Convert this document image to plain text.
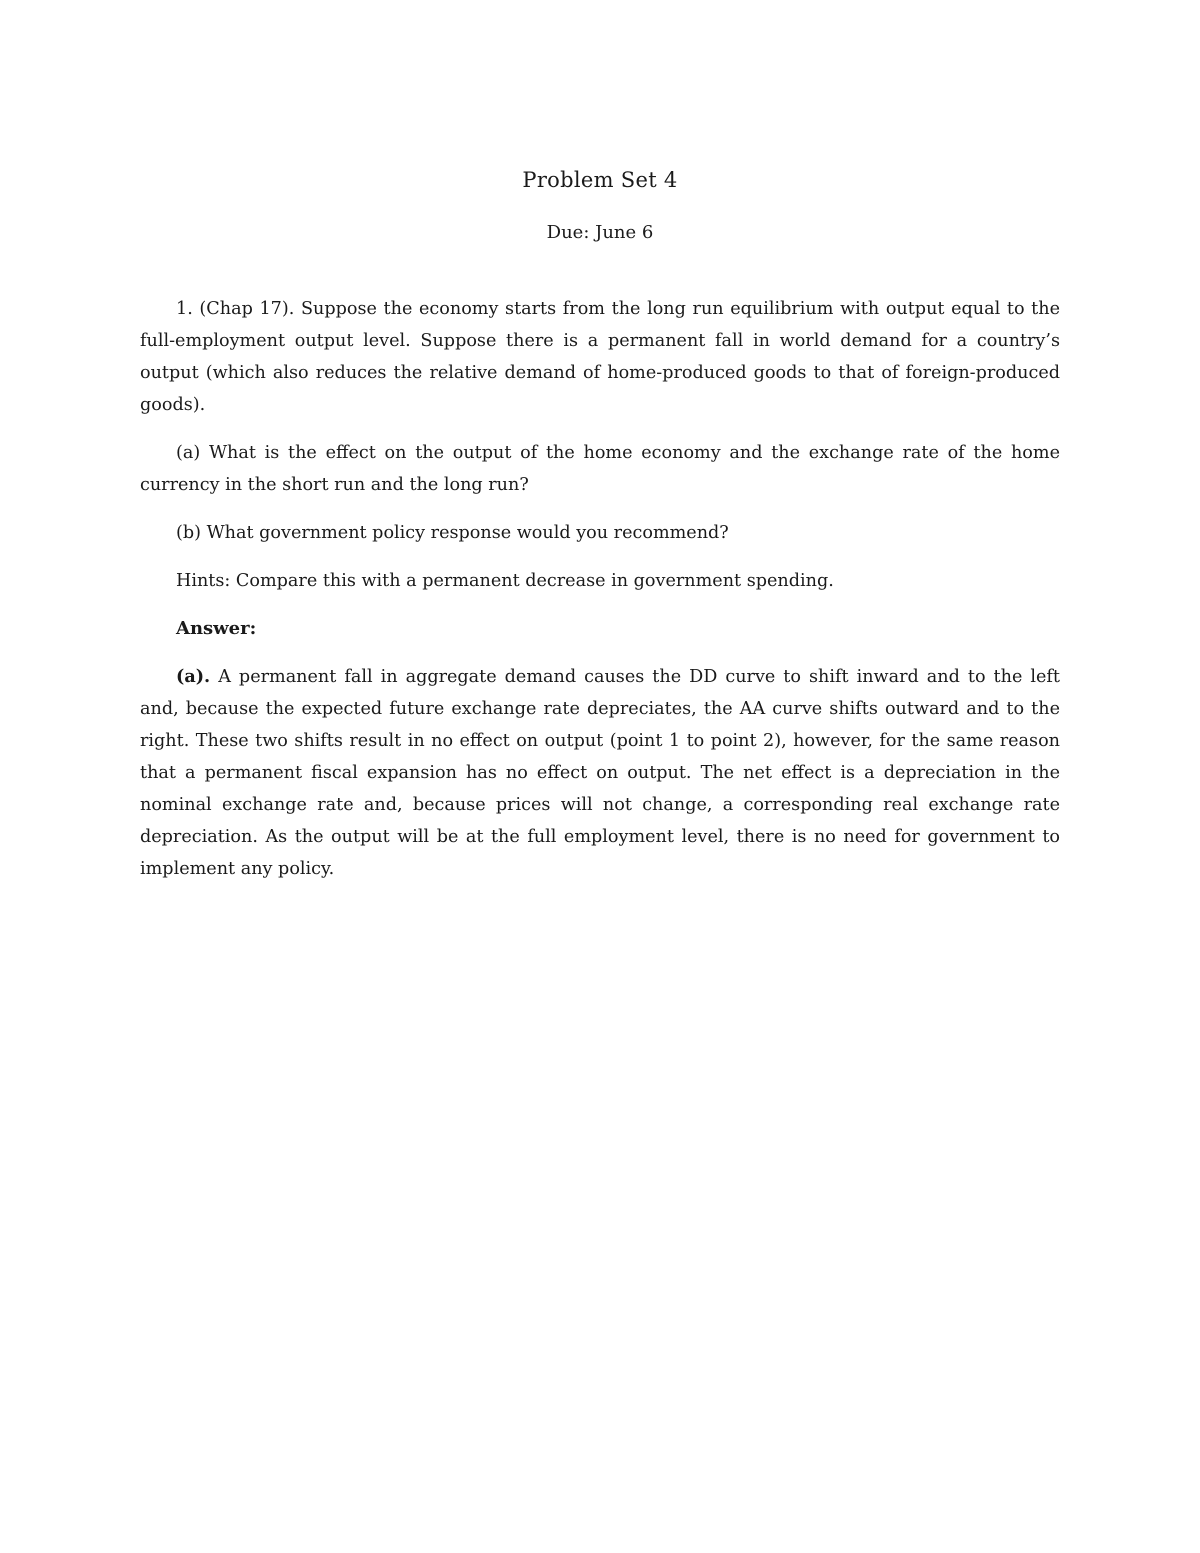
Problem Set 4
Due: June 6

1. (Chap 17). Suppose the economy starts from the long run equilibrium with output equal to the full-employment output level. Suppose there is a permanent fall in world demand for a country’s output (which also reduces the relative demand of home-produced goods to that of foreign-produced goods).

(a) What is the effect on the output of the home economy and the exchange rate of the home currency in the short run and the long run?

(b) What government policy response would you recommend?

Hints: Compare this with a permanent decrease in government spending.

Answer:

(a). A permanent fall in aggregate demand causes the DD curve to shift inward and to the left and, because the expected future exchange rate depreciates, the AA curve shifts outward and to the right. These two shifts result in no effect on output (point 1 to point 2), however, for the same reason that a permanent fiscal expansion has no effect on output. The net effect is a depreciation in the nominal exchange rate and, because prices will not change, a corresponding real exchange rate depreciation. As the output will be at the full employment level, there is no need for government to implement any policy.
